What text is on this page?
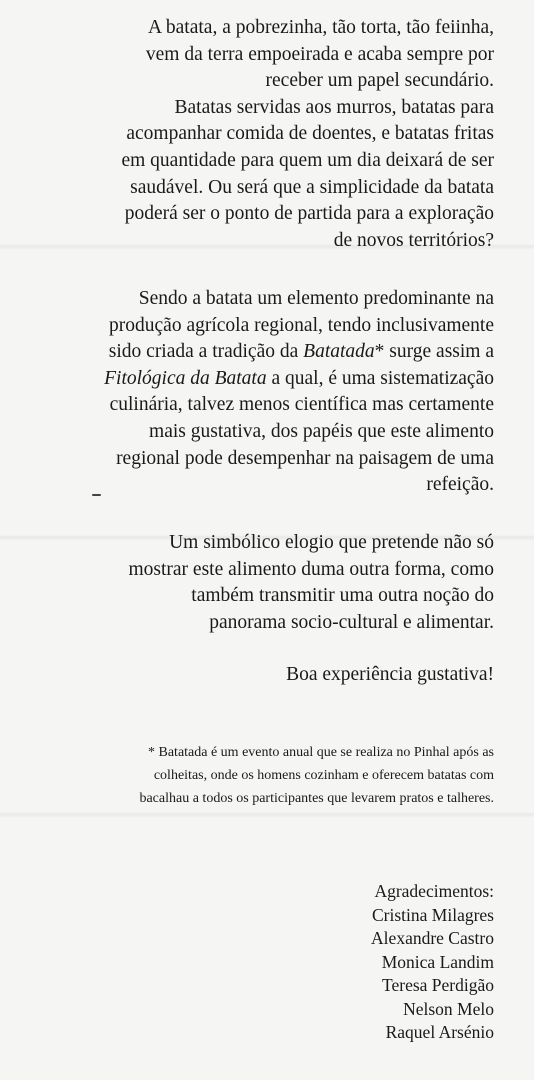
A batata, a pobrezinha, tão torta, tão feiinha,
vem da terra empoeirada e acaba sempre por
receber um papel secundário.
Batatas servidas aos murros, batatas para
acompanhar comida de doentes, e batatas fritas
em quantidade para quem um dia deixará de ser
saudável. Ou será que a simplicidade da batata
poderá ser o ponto de partida para a exploração
de novos territórios?

Sendo a batata um elemento predominante na
produção agrícola regional, tendo inclusivamente
sido criada a tradição da Batatada* surge assim a
Fitológica da Batata a qual, é uma sistematização
culinária, talvez menos científica mas certamente
mais gustativa, dos papéis que este alimento
regional pode desempenhar na paisagem de uma
refeição.

Um simbólico elogio que pretende não só
mostrar este alimento duma outra forma, como
também transmitir uma outra noção do
panorama socio-cultural e alimentar.

Boa experiência gustativa!

* Batatada é um evento anual que se realiza no Pinhal após as
colheitas, onde os homens cozinham e oferecem batatas com
bacalhau a todos os participantes que levarem pratos e talheres.

Agradecimentos:
Cristina Milagres
Alexandre Castro
Monica Landim
Teresa Perdigão
Nelson Melo
Raquel Arsénio
